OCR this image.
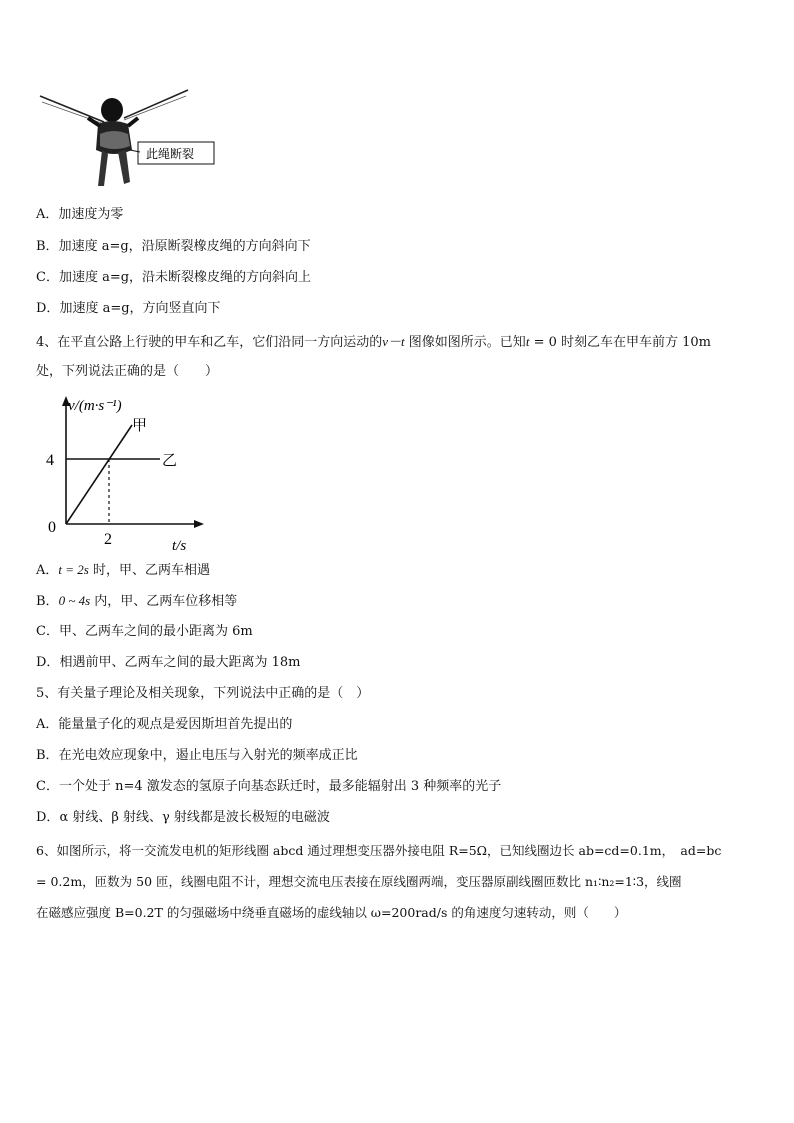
此绳断裂
A．加速度为零
B．加速度 a=g，沿原断裂橡皮绳的方向斜向下
C．加速度 a=g，沿未断裂橡皮绳的方向斜向上
D．加速度 a=g，方向竖直向下
4、在平直公路上行驶的甲车和乙车，它们沿同一方向运动的v－t 图像如图所示。已知t = 0 时刻乙车在甲车前方 10m
处，下列说法正确的是（　　）
v/(m·s⁻¹)
t/s
0
4
2
甲
乙
A．t = 2s 时，甲、乙两车相遇
B．0 ~ 4s 内，甲、乙两车位移相等
C．甲、乙两车之间的最小距离为 6m
D．相遇前甲、乙两车之间的最大距离为 18m
5、有关量子理论及相关现象，下列说法中正确的是（　）
A．能量量子化的观点是爱因斯坦首先提出的
B．在光电效应现象中，遏止电压与入射光的频率成正比
C．一个处于 n=4 激发态的氢原子向基态跃迁时，最多能辐射出 3 种频率的光子
D．α 射线、β 射线、γ 射线都是波长极短的电磁波
6、如图所示，将一交流发电机的矩形线圈 abcd 通过理想变压器外接电阻 R=5Ω，已知线圈边长 ab=cd=0.1m，　ad=bc
= 0.2m，匝数为 50 匝，线圈电阻不计，理想交流电压表接在原线圈两端，变压器原副线圈匝数比 n₁∶n₂=1∶3，线圈
在磁感应强度 B=0.2T 的匀强磁场中绕垂直磁场的虚线轴以 ω=200rad/s 的角速度匀速转动，则（　　）
